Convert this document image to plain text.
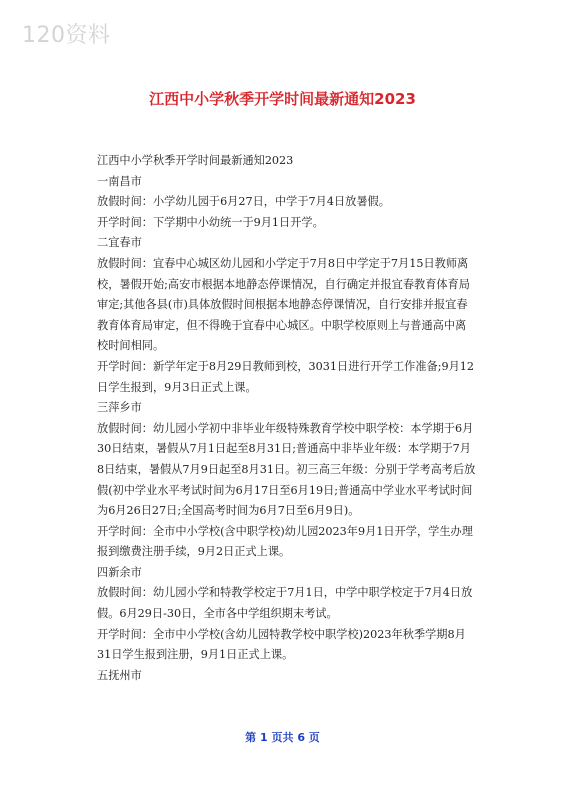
120资料
江西中小学秋季开学时间最新通知2023

江西中小学秋季开学时间最新通知2023

一南昌市

放假时间：小学幼儿园于6月27日，中学于7月4日放暑假。

开学时间：下学期中小幼统一于9月1日开学。

二宜春市

放假时间：宜春中心城区幼儿园和小学定于7月8日中学定于7月15日教师离校，暑假开始;高安市根据本地静态停课情况，自行确定并报宜春教育体育局审定;其他各县(市)具体放假时间根据本地静态停课情况，自行安排并报宜春教育体育局审定，但不得晚于宜春中心城区。中职学校原则上与普通高中离校时间相同。

开学时间：新学年定于8月29日教师到校，3031日进行开学工作准备;9月12日学生报到，9月3日正式上课。

三萍乡市

放假时间：幼儿园小学初中非毕业年级特殊教育学校中职学校：本学期于6月30日结束，暑假从7月1日起至8月31日;普通高中非毕业年级：本学期于7月8日结束，暑假从7月9日起至8月31日。初三高三年级：分别于学考高考后放假(初中学业水平考试时间为6月17日至6月19日;普通高中学业水平考试时间为6月26日27日;全国高考时间为6月7日至6月9日)。

开学时间：全市中小学校(含中职学校)幼儿园2023年9月1日开学，学生办理报到缴费注册手续，9月2日正式上课。

四新余市

放假时间：幼儿园小学和特教学校定于7月1日，中学中职学校定于7月4日放假。6月29日-30日，全市各中学组织期末考试。

开学时间：全市中小学校(含幼儿园特教学校中职学校)2023年秋季学期8月31日学生报到注册，9月1日正式上课。

五抚州市

第 1 页共 6 页
